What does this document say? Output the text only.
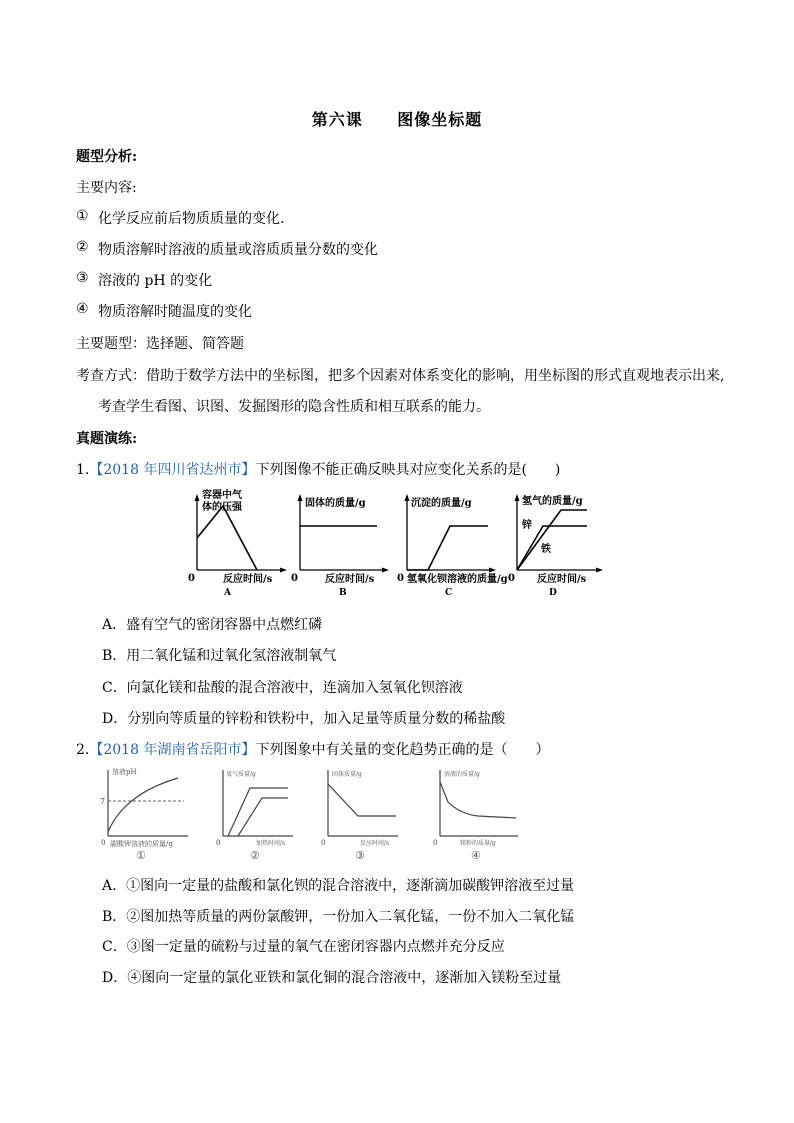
第六课 图像坐标题
题型分析:
主要内容:
① 化学反应前后物质质量的变化.
② 物质溶解时溶液的质量或溶质质量分数的变化
③ 溶液的 pH 的变化
④ 物质溶解时随温度的变化
主要题型：选择题、简答题
考查方式：借助于数学方法中的坐标图，把多个因素对体系变化的影响，用坐标图的形式直观地表示出来,
考查学生看图、识图、发掘图形的隐含性质和相互联系的能力。
真题演练:
1.【2018 年四川省达州市】下列图像不能正确反映具对应变化关系的是(　　)
容器中气
体的压强
0	反应时间/s
A
固体的质量/g
0	反应时间/s
B
沉淀的质量/g
0 氢氧化钡溶液的质量/g
C
氢气的质量/g
锌
铁
0 反应时间/s
D
A．盛有空气的密闭容器中点燃红磷
B．用二氧化锰和过氧化氢溶液制氧气
C．向氯化镁和盐酸的混合溶液中，连滴加入氢氧化钡溶液
D．分别向等质量的锌粉和铁粉中，加入足量等质量分数的稀盐酸
2.【2018 年湖南省岳阳市】下列图象中有关量的变化趋势正确的是（　　）
7
溶液pH
0 碳酸钾溶液的质量/g
①
氧气质量/g
0	加热时间/s
②
固体质量/g
0	反应时间/s
③
溶液的质量/g
0	镁粉的质量/g
④
A．①图向一定量的盐酸和氯化钡的混合溶液中，逐渐滴加碳酸钾溶液至过量
B．②图加热等质量的两份氯酸钾，一份加入二氧化锰，一份不加入二氧化锰
C．③图一定量的硫粉与过量的氧气在密闭容器内点燃并充分反应
D．④图向一定量的氯化亚铁和氯化铜的混合溶液中，逐渐加入镁粉至过量
